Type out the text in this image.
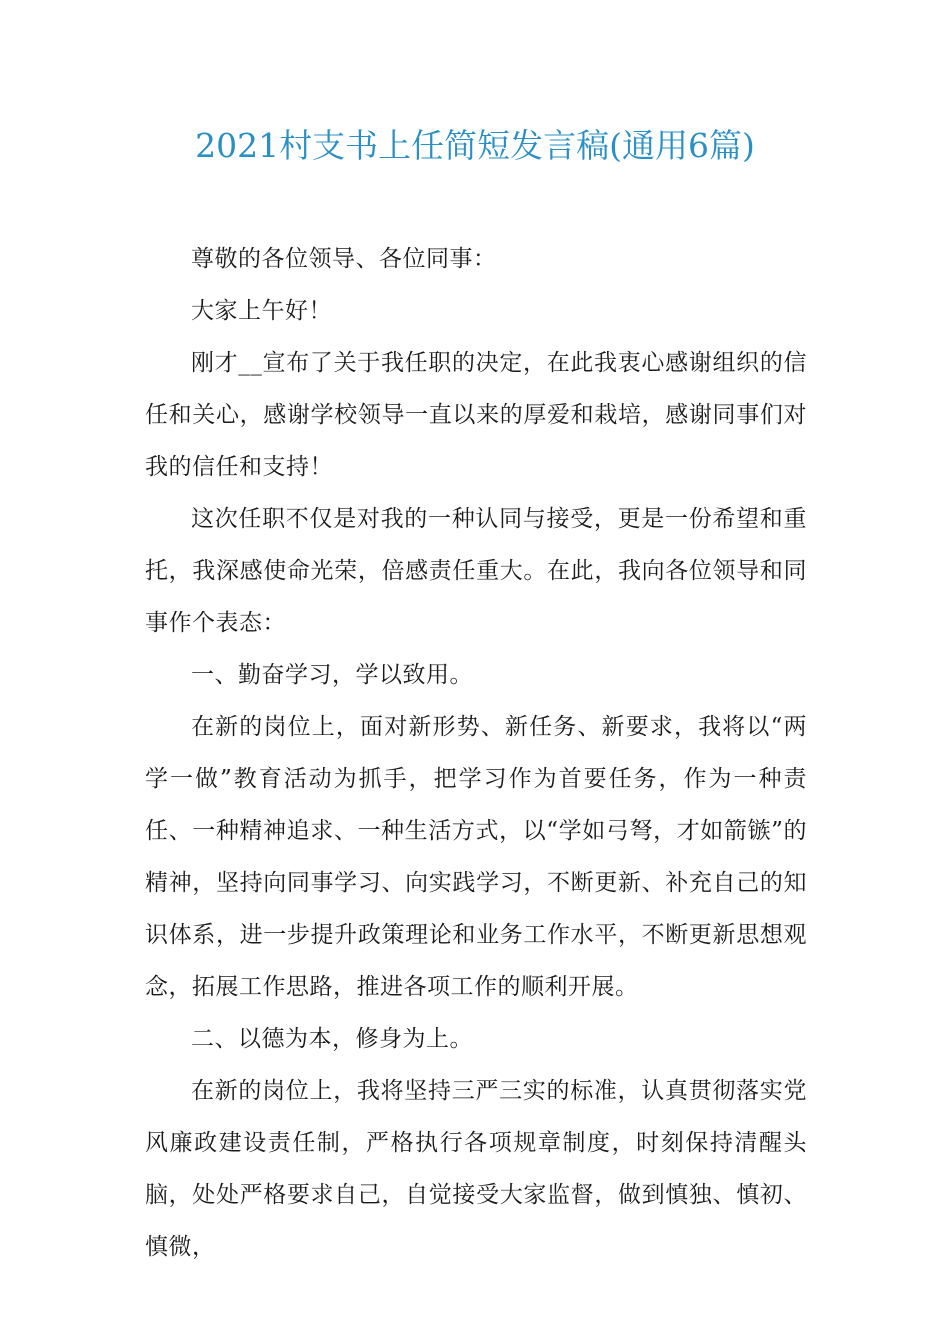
2021村支书上任简短发言稿(通用6篇)

尊敬的各位领导、各位同事：

大家上午好！

刚才__宣布了关于我任职的决定，在此我衷心感谢组织的信任和关心，感谢学校领导一直以来的厚爱和栽培，感谢同事们对我的信任和支持！

这次任职不仅是对我的一种认同与接受，更是一份希望和重托，我深感使命光荣，倍感责任重大。在此，我向各位领导和同事作个表态：

一、勤奋学习，学以致用。

在新的岗位上，面对新形势、新任务、新要求，我将以“两学一做”教育活动为抓手，把学习作为首要任务，作为一种责任、一种精神追求、一种生活方式，以“学如弓弩，才如箭镞”的精神，坚持向同事学习、向实践学习，不断更新、补充自己的知识体系，进一步提升政策理论和业务工作水平，不断更新思想观念，拓展工作思路，推进各项工作的顺利开展。

二、以德为本，修身为上。

在新的岗位上，我将坚持三严三实的标准，认真贯彻落实党风廉政建设责任制，严格执行各项规章制度，时刻保持清醒头脑，处处严格要求自己，自觉接受大家监督，做到慎独、慎初、慎微，
